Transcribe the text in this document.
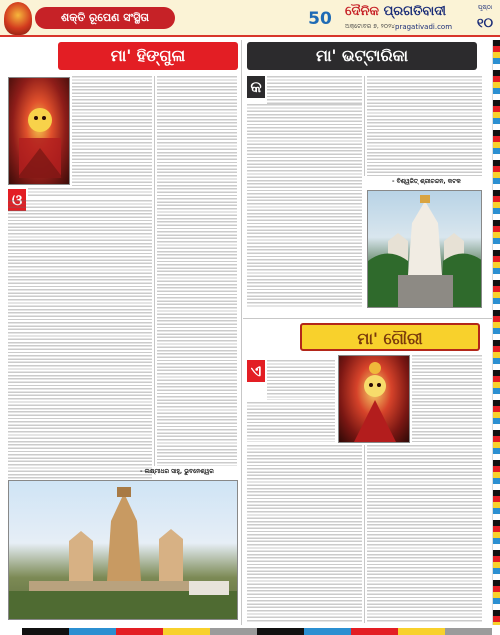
ଶକ୍ତି ରୂପେଣ ସଂସ୍ଥିତା	50	ଦୈନିକ ପ୍ରଗତିବାଦୀ
ଅକ୍ଟୋବର ୭, ୨୦୨୪ pragativadi.com
ପୃଷ୍ଠା
୧୦
ମା' ହିଙ୍ଗୁଳା
ଓ
- ଲକ୍ଷ୍ମୀଧର ସାହୁ, ଭୁବନେଶ୍ୱର
ମା' ଭଟ୍ଟାରିକା
କ
- ବିଶ୍ୱଜିତ୍ ଶ୍ରୀଚନ୍ଦନ, କଟକ
ମା' ଗୌରୀ
ଏ
